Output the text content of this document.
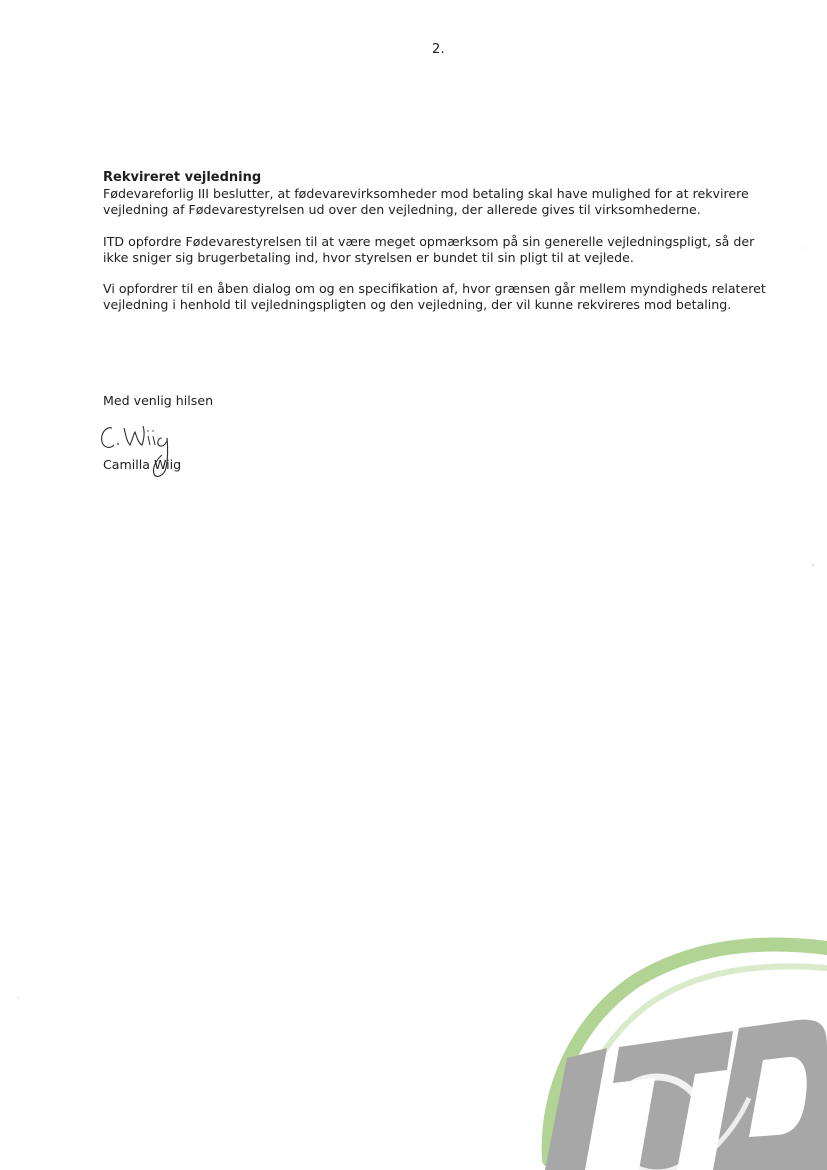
2.

Rekvireret vejledning

Fødevareforlig III beslutter, at fødevarevirksomheder mod betaling skal have mulighed for at rekvirere vejledning af Fødevarestyrelsen ud over den vejledning, der allerede gives til virksomhederne.

ITD opfordre Fødevarestyrelsen til at være meget opmærksom på sin generelle vejledningspligt, så der ikke sniger sig brugerbetaling ind, hvor styrelsen er bundet til sin pligt til at vejlede.

Vi opfordrer til en åben dialog om og en specifikation af, hvor grænsen går mellem myndigheds relateret vejledning i henhold til vejledningspligten og den vejledning, der vil kunne rekvireres mod betaling.

Med venlig hilsen
Camilla Wiig
